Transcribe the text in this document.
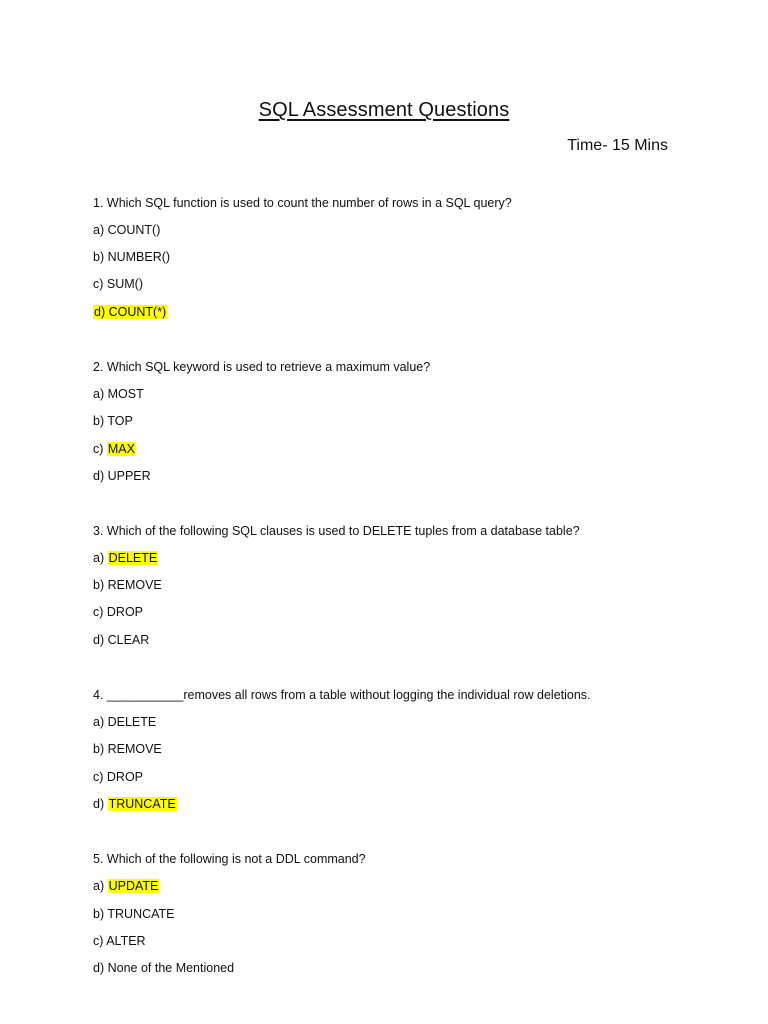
SQL Assessment Questions
Time- 15 Mins
1. Which SQL function is used to count the number of rows in a SQL query?
a) COUNT()
b) NUMBER()
c) SUM()
d) COUNT(*)
2. Which SQL keyword is used to retrieve a maximum value?
a) MOST
b) TOP
c) MAX
d) UPPER
3. Which of the following SQL clauses is used to DELETE tuples from a database table?
a) DELETE
b) REMOVE
c) DROP
d) CLEAR
4. ___________removes all rows from a table without logging the individual row deletions.
a) DELETE
b) REMOVE
c) DROP
d) TRUNCATE
5. Which of the following is not a DDL command?
a) UPDATE
b) TRUNCATE
c) ALTER
d) None of the Mentioned
